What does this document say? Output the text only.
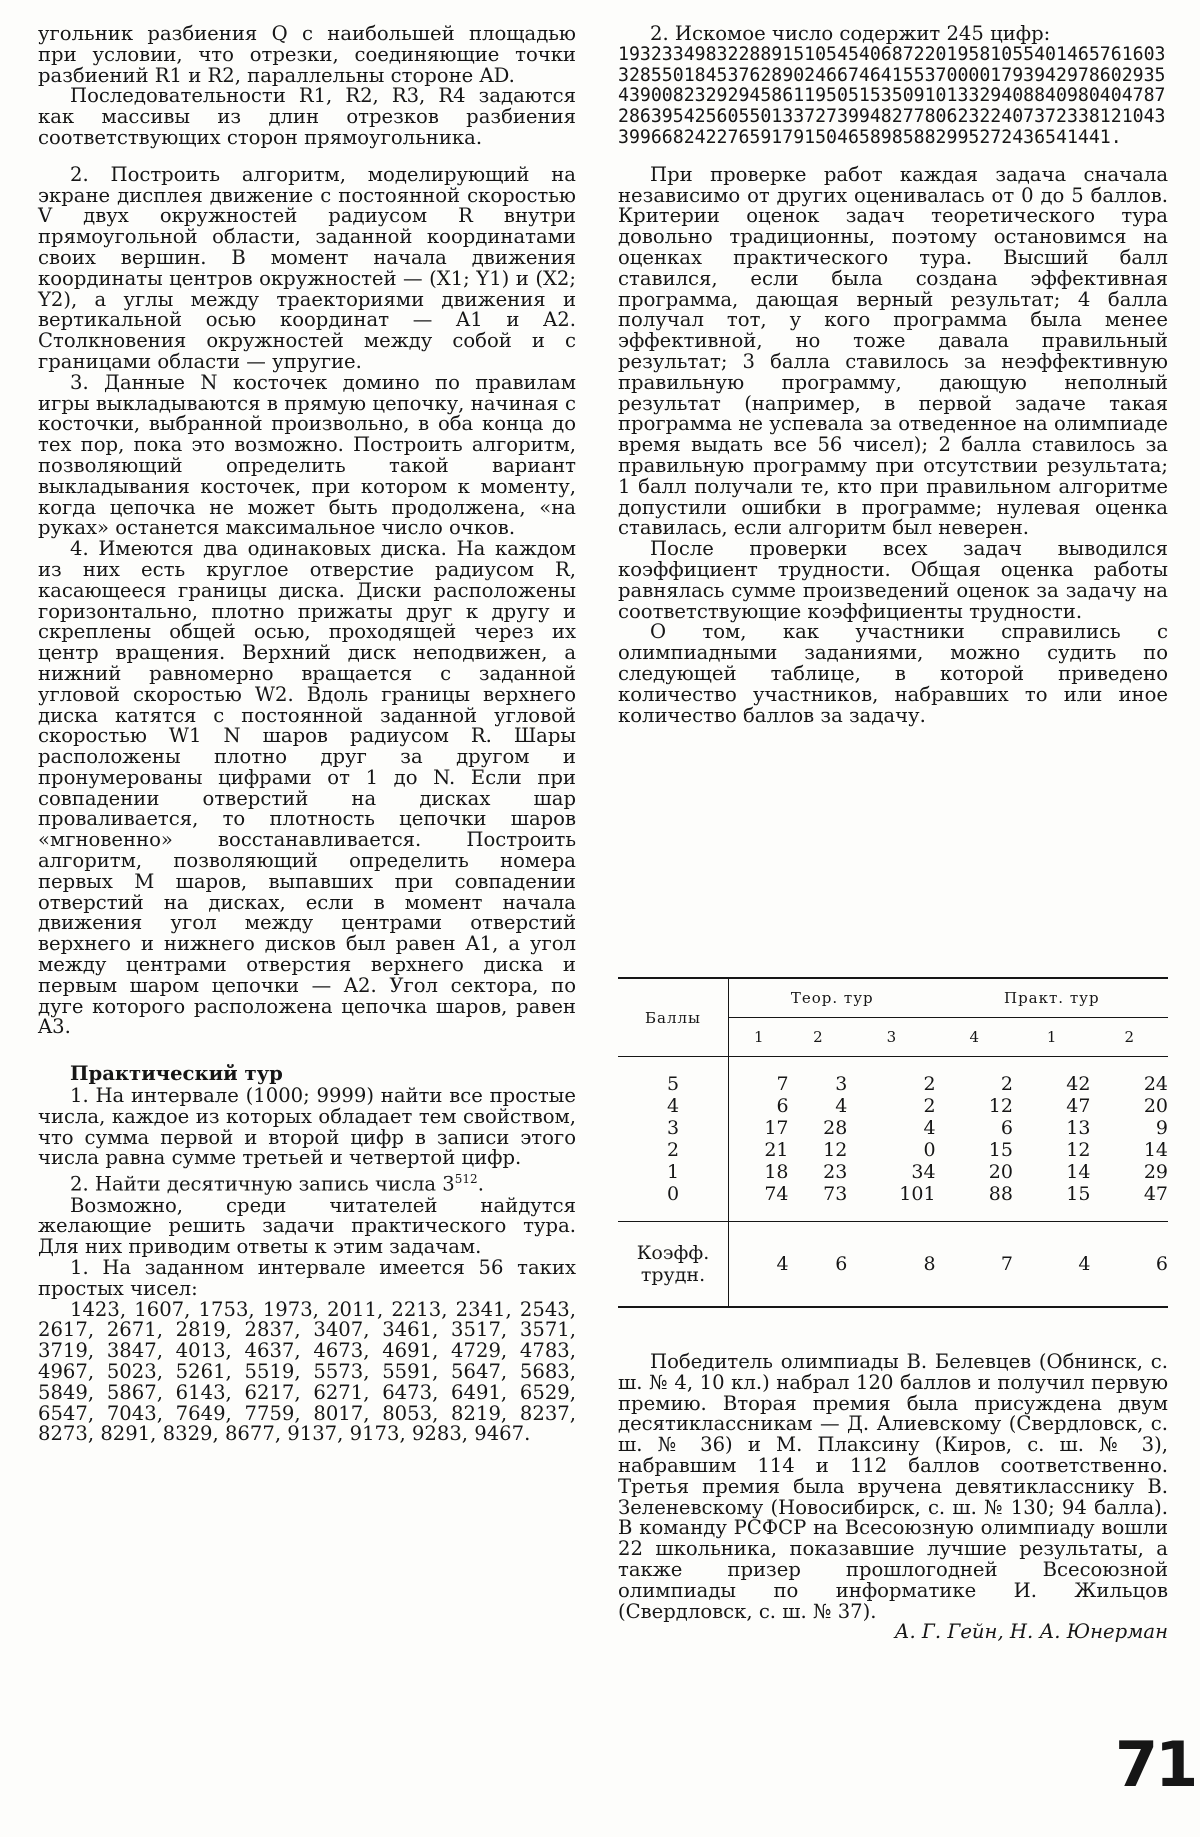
угольник разбиения Q с наибольшей площадью при условии, что отрезки, соединяющие точки разбиений R1 и R2, параллельны стороне AD.

Последовательности R1, R2, R3, R4 задаются как массивы из длин отрезков разбиения соответствующих сторон прямоугольника.

2. Построить алгоритм, моделирующий на экране дисплея движение с постоянной скоростью V двух окружностей радиусом R внутри прямоугольной области, заданной координатами своих вершин. В момент начала движения координаты центров окружностей — (X1; Y1) и (X2; Y2), а углы между траекториями движения и вертикальной осью координат — A1 и A2. Столкновения окружностей между собой и с границами области — упругие.

3. Данные N косточек домино по правилам игры выкладываются в прямую цепочку, начиная с косточки, выбранной произвольно, в оба конца до тех пор, пока это возможно. Построить алгоритм, позволяющий определить такой вариант выкладывания косточек, при котором к моменту, когда цепочка не может быть продолжена, «на руках» останется максимальное число очков.

4. Имеются два одинаковых диска. На каждом из них есть круглое отверстие радиусом R, касающееся границы диска. Диски расположены горизонтально, плотно прижаты друг к другу и скреплены общей осью, проходящей через их центр вращения. Верхний диск неподвижен, а нижний равномерно вращается с заданной угловой скоростью W2. Вдоль границы верхнего диска катятся с постоянной заданной угловой скоростью W1 N шаров радиусом R. Шары расположены плотно друг за другом и пронумерованы цифрами от 1 до N. Если при совпадении отверстий на дисках шар проваливается, то плотность цепочки шаров «мгновенно» восстанавливается. Построить алгоритм, позволяющий определить номера первых M шаров, выпавших при совпадении отверстий на дисках, если в момент начала движения угол между центрами отверстий верхнего и нижнего дисков был равен A1, а угол между центрами отверстия верхнего диска и первым шаром цепочки — A2. Угол сектора, по дуге которого расположена цепочка шаров, равен A3.

Практический тур

1. На интервале (1000; 9999) найти все простые числа, каждое из которых обладает тем свойством, что сумма первой и второй цифр в записи этого числа равна сумме третьей и четвертой цифр.

2. Найти десятичную запись числа $3^{512}$.

Возможно, среди читателей найдутся желающие решить задачи практического тура. Для них приводим ответы к этим задачам.

1. На заданном интервале имеется 56 таких простых чисел:

1423, 1607, 1753, 1973, 2011, 2213, 2341, 2543, 2617, 2671, 2819, 2837, 3407, 3461, 3517, 3571, 3719, 3847, 4013, 4637, 4673, 4691, 4729, 4783, 4967, 5023, 5261, 5519, 5573, 5591, 5647, 5683, 5849, 5867, 6143, 6217, 6271, 6473, 6491, 6529, 6547, 7043, 7649, 7759, 8017, 8053, 8219, 8237, 8273, 8291, 8329, 8677, 9137, 9173, 9283, 9467.

2. Искомое число содержит 245 цифр:

19323349832288915105454068722019581055401465761603328550184537628902466746415537000017939429786029354390082329294586119505153509101332940884098040478728639542560550133727399482778062322407372338121043399668242276591791504658985882995272436541441.

При проверке работ каждая задача сначала независимо от других оценивалась от 0 до 5 баллов. Критерии оценок задач теоретического тура довольно традиционны, поэтому остановимся на оценках практического тура. Высший балл ставился, если была создана эффективная программа, дающая верный результат; 4 балла получал тот, у кого программа была менее эффективной, но тоже давала правильный результат; 3 балла ставилось за неэффективную правильную программу, дающую неполный результат (например, в первой задаче такая программа не успевала за отведенное на олимпиаде время выдать все 56 чисел); 2 балла ставилось за правильную программу при отсутствии результата; 1 балл получали те, кто при правильном алгоритме допустили ошибки в программе; нулевая оценка ставилась, если алгоритм был неверен.

После проверки всех задач выводился коэффициент трудности. Общая оценка работы равнялась сумме произведений оценок за задачу на соответствующие коэффициенты трудности.

О том, как участники справились с олимпиадными заданиями, можно судить по следующей таблице, в которой приведено количество участников, набравших то или иное количество баллов за задачу.

Баллы	Теор. тур			Практ. тур		
	1	2	3	4	1	2
5	7	3	2	2	42	24
4	6	4	2	12	47	20
3	17	28	4	6	13	9
2	21	12	0	15	12	14
1	18	23	34	20	14	29
0	74	73	101	88	15	47
Коэфф.
трудн.	4	6	8	7	4	6

Победитель олимпиады В. Белевцев (Обнинск, с. ш. № 4, 10 кл.) набрал 120 баллов и получил первую премию. Вторая премия была присуждена двум десятиклассникам — Д. Алиевскому (Свердловск, с. ш. № 36) и М. Плаксину (Киров, с. ш. № 3), набравшим 114 и 112 баллов соответственно. Третья премия была вручена девятикласснику В. Зеленевскому (Новосибирск, с. ш. № 130; 94 балла). В команду РСФСР на Всесоюзную олимпиаду вошли 22 школьника, показавшие лучшие результаты, а также призер прошлогодней Всесоюзной олимпиады по информатике И. Жильцов (Свердловск, с. ш. № 37).

А. Г. Гейн, Н. А. Юнерман

71
